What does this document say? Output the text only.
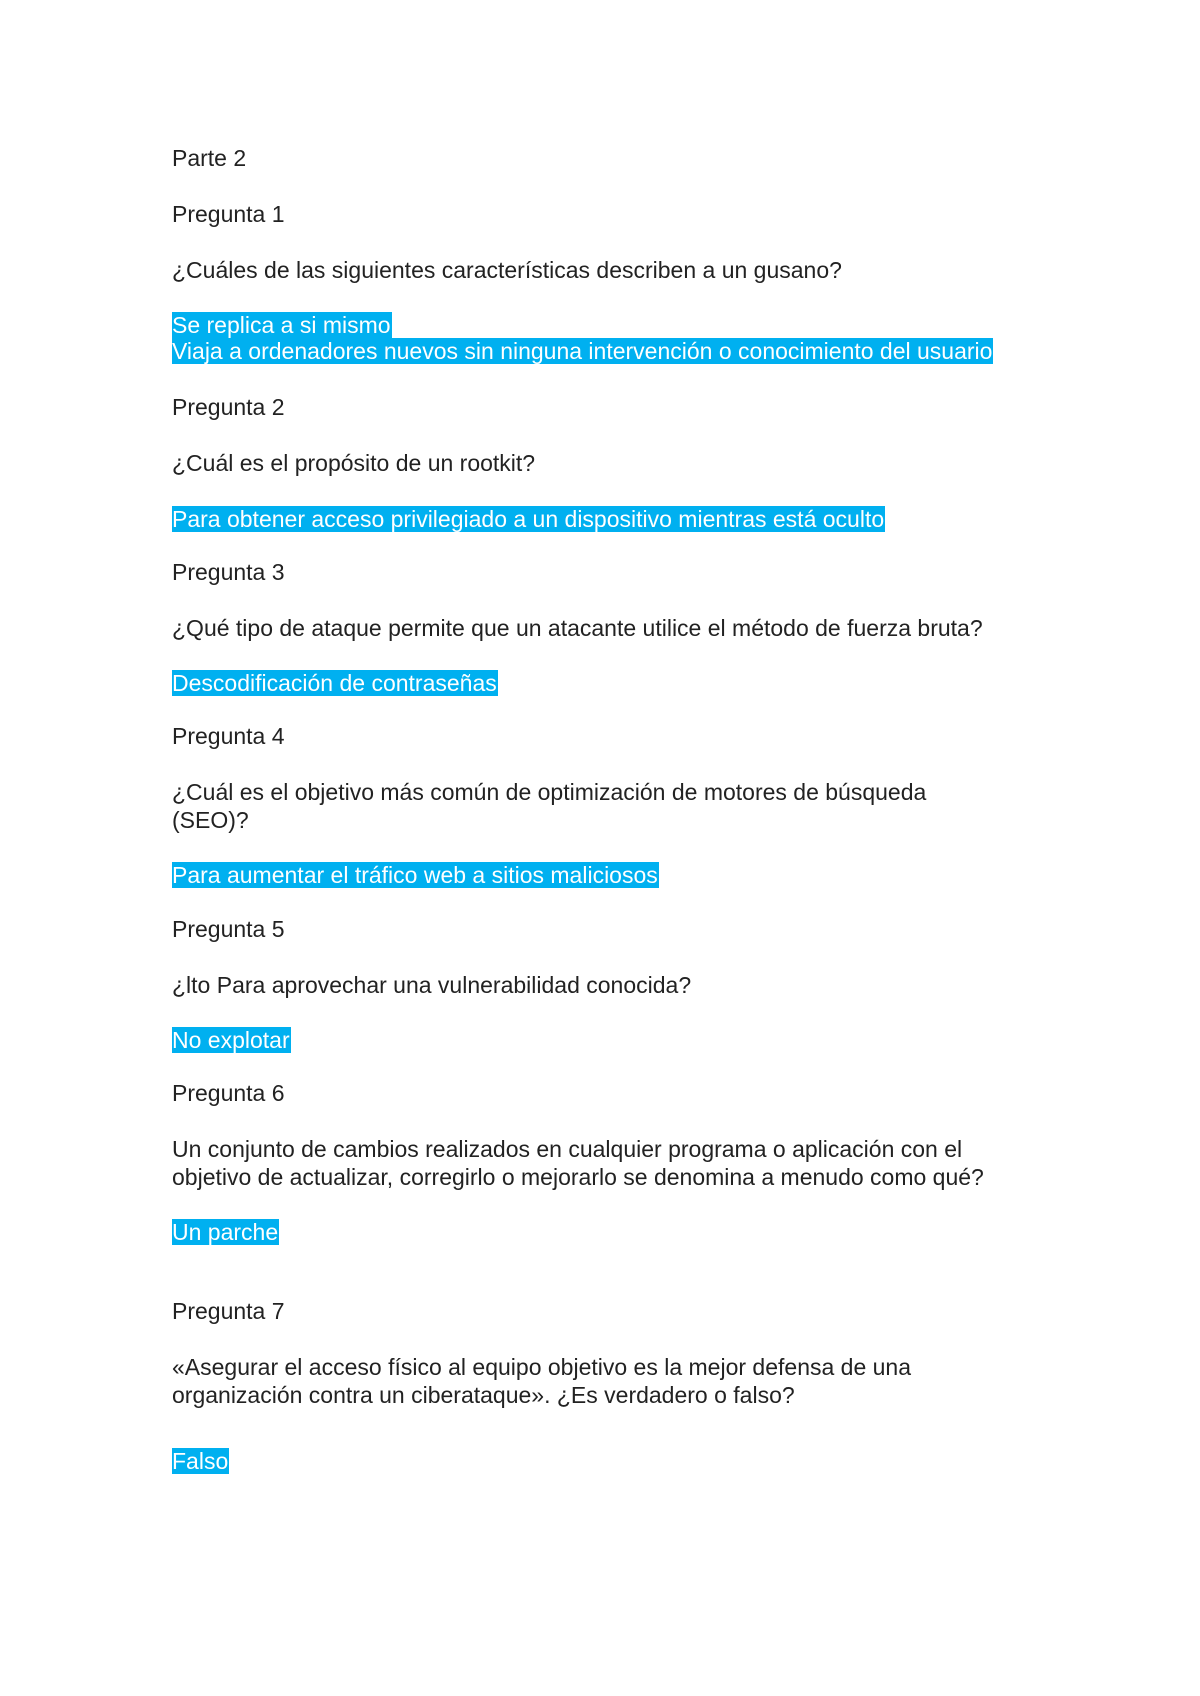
Parte 2
Pregunta 1
¿Cuáles de las siguientes características describen a un gusano?
Se replica a si mismo
Viaja a ordenadores nuevos sin ninguna intervención o conocimiento del usuario
Pregunta 2
¿Cuál es el propósito de un rootkit?
Para obtener acceso privilegiado a un dispositivo mientras está oculto
Pregunta 3
¿Qué tipo de ataque permite que un atacante utilice el método de fuerza bruta?
Descodificación de contraseñas
Pregunta 4
¿Cuál es el objetivo más común de optimización de motores de búsqueda
(SEO)?
Para aumentar el tráfico web a sitios maliciosos
Pregunta 5
¿lto Para aprovechar una vulnerabilidad conocida?
No explotar
Pregunta 6
Un conjunto de cambios realizados en cualquier programa o aplicación con el
objetivo de actualizar, corregirlo o mejorarlo se denomina a menudo como qué?
Un parche
Pregunta 7
«Asegurar el acceso físico al equipo objetivo es la mejor defensa de una
organización contra un ciberataque». ¿Es verdadero o falso?
Falso
